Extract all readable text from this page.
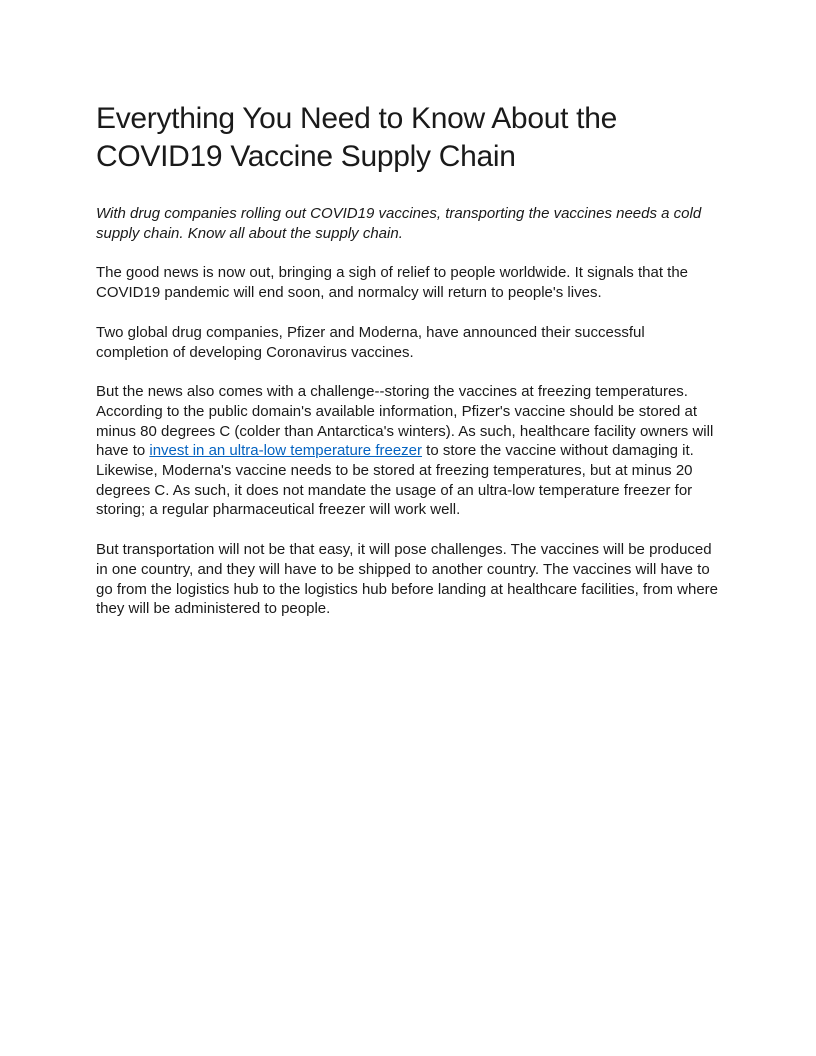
Everything You Need to Know About the COVID19 Vaccine Supply Chain

With drug companies rolling out COVID19 vaccines, transporting the vaccines needs a cold supply chain. Know all about the supply chain.

The good news is now out, bringing a sigh of relief to people worldwide. It signals that the COVID19 pandemic will end soon, and normalcy will return to people's lives.

Two global drug companies, Pfizer and Moderna, have announced their successful completion of developing Coronavirus vaccines.

But the news also comes with a challenge--storing the vaccines at freezing temperatures. According to the public domain's available information, Pfizer's vaccine should be stored at minus 80 degrees C (colder than Antarctica's winters). As such, healthcare facility owners will have to invest in an ultra-low temperature freezer to store the vaccine without damaging it. Likewise, Moderna's vaccine needs to be stored at freezing temperatures, but at minus 20 degrees C. As such, it does not mandate the usage of an ultra-low temperature freezer for storing; a regular pharmaceutical freezer will work well.

But transportation will not be that easy, it will pose challenges. The vaccines will be produced in one country, and they will have to be shipped to another country. The vaccines will have to go from the logistics hub to the logistics hub before landing at healthcare facilities, from where they will be administered to people.
